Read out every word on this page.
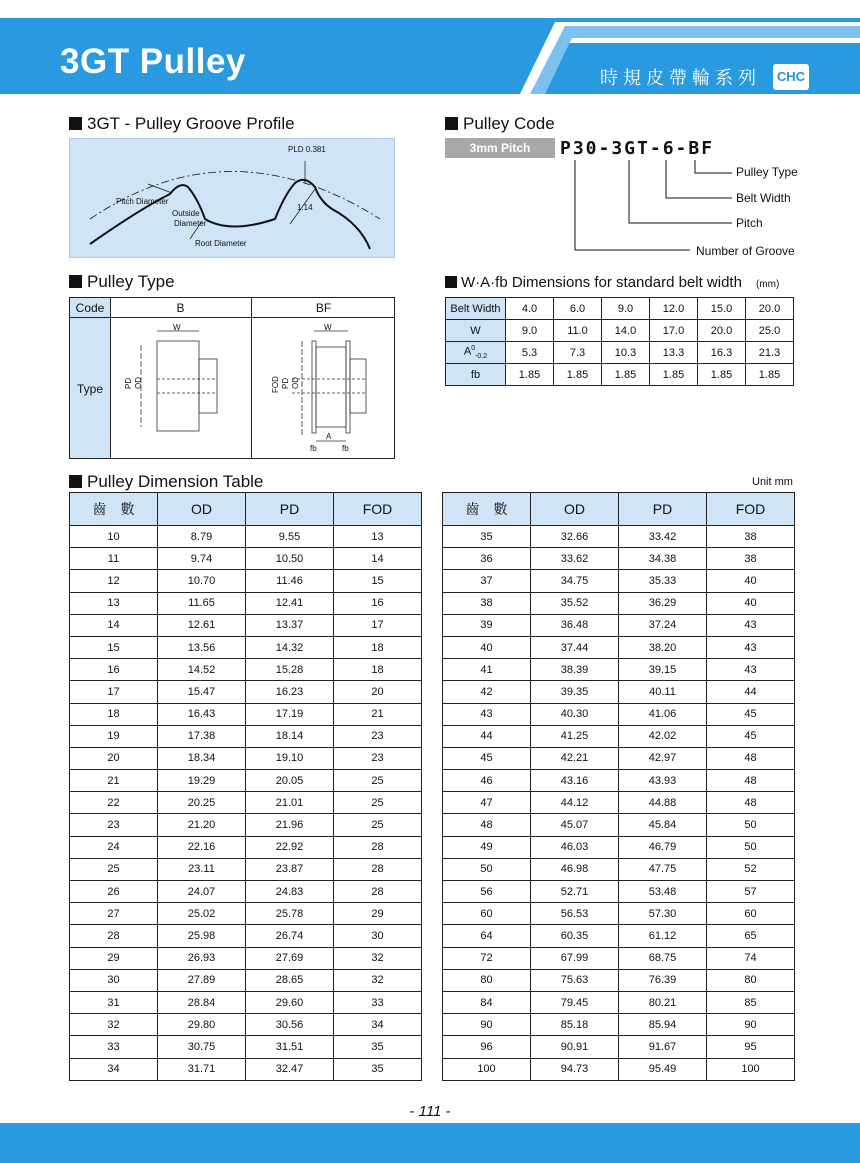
3GT Pulley	時規皮帶輪系列	CHC
3GT - Pulley Groove Profile
PLD 0.381
Pitch Diameter
Outside
Diameter
1.14
Root Diameter
Pulley Code
3mm Pitch	P30-3GT-6-BF
Pulley Type
Belt Width
Pitch
Number of Groove
Pulley Type
Type
Code	B	BF
W
PD OD
W
A
fb	fb
FOD PD OD
W·A·fb Dimensions for standard belt width (mm)
Belt Width	4.0	6.0	9.0	12.0	15.0	20.0
W	9.0	11.0	14.0	17.0	20.0	25.0
$A^0_{-0.2}$	5.3	7.3	10.3	13.3	16.3	21.3
fb	1.85	1.85	1.85	1.85	1.85	1.85
Pulley Dimension Table	Unit mm
齒　數	OD	PD	FOD
10	8.79	9.55	13
11	9.74	10.50	14
12	10.70	11.46	15
13	11.65	12.41	16
14	12.61	13.37	17
15	13.56	14.32	18
16	14.52	15.28	18
17	15.47	16.23	20
18	16.43	17.19	21
19	17.38	18.14	23
20	18.34	19.10	23
21	19.29	20.05	25
22	20.25	21.01	25
23	21.20	21.96	25
24	22.16	22.92	28
25	23.11	23.87	28
26	24.07	24.83	28
27	25.02	25.78	29
28	25.98	26.74	30
29	26.93	27.69	32
30	27.89	28.65	32
31	28.84	29.60	33
32	29.80	30.56	34
33	30.75	31.51	35
34	31.71	32.47	35
齒　數	OD	PD	FOD
35	32.66	33.42	38
36	33.62	34.38	38
37	34.75	35.33	40
38	35.52	36.29	40
39	36.48	37.24	43
40	37.44	38.20	43
41	38.39	39.15	43
42	39.35	40.11	44
43	40.30	41.06	45
44	41.25	42.02	45
45	42.21	42.97	48
46	43.16	43.93	48
47	44.12	44.88	48
48	45.07	45.84	50
49	46.03	46.79	50
50	46.98	47.75	52
56	52.71	53.48	57
60	56.53	57.30	60
64	60.35	61.12	65
72	67.99	68.75	74
80	75.63	76.39	80
84	79.45	80.21	85
90	85.18	85.94	90
96	90.91	91.67	95
100	94.73	95.49	100
- 111 -
